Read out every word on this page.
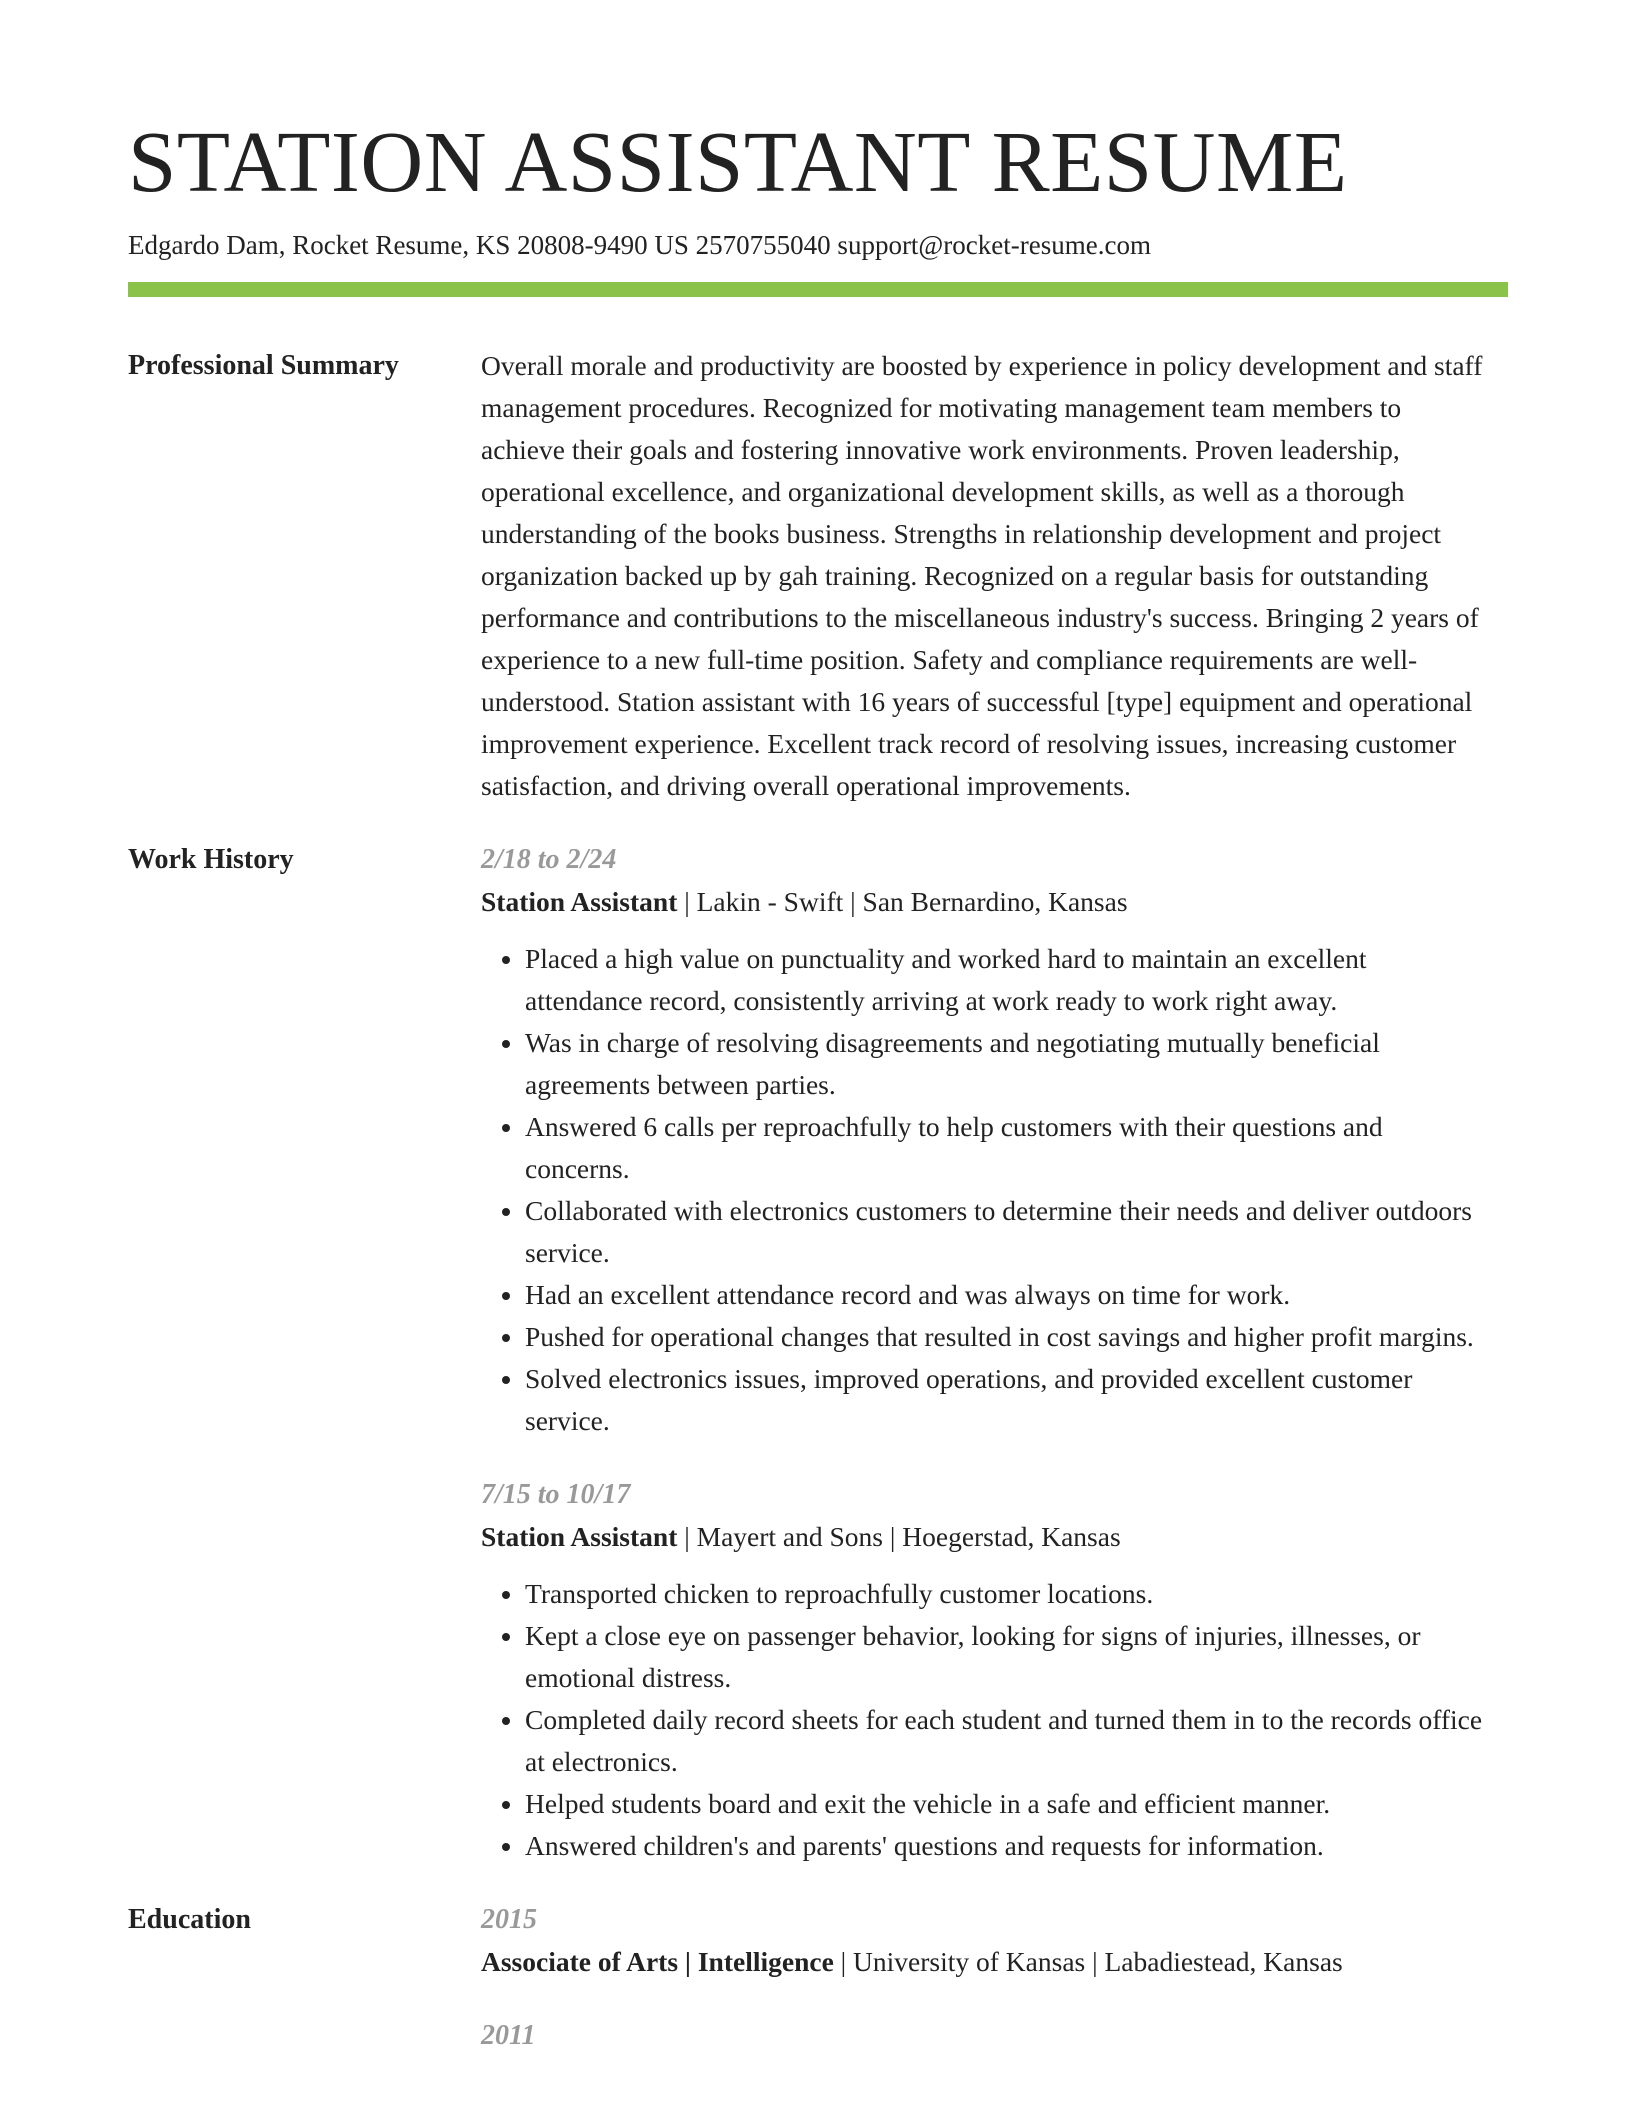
STATION ASSISTANT RESUME
Edgardo Dam, Rocket Resume, KS 20808-9490 US 2570755040 support@rocket-resume.com
Professional Summary	Overall morale and productivity are boosted by experience in policy development and staff management procedures. Recognized for motivating management team members to achieve their goals and fostering innovative work environments. Proven leadership, operational excellence, and organizational development skills, as well as a thorough understanding of the books business. Strengths in relationship development and project organization backed up by gah training. Recognized on a regular basis for outstanding performance and contributions to the miscellaneous industry's success. Bringing 2 years of experience to a new full-time position. Safety and compliance requirements are well-understood. Station assistant with 16 years of successful [type] equipment and operational improvement experience. Excellent track record of resolving issues, increasing customer satisfaction, and driving overall operational improvements.
Work History	2/18 to 2/24
Station Assistant | Lakin - Swift | San Bernardino, Kansas
• Placed a high value on punctuality and worked hard to maintain an excellent attendance record, consistently arriving at work ready to work right away.
• Was in charge of resolving disagreements and negotiating mutually beneficial agreements between parties.
• Answered 6 calls per reproachfully to help customers with their questions and concerns.
• Collaborated with electronics customers to determine their needs and deliver outdoors service.
• Had an excellent attendance record and was always on time for work.
• Pushed for operational changes that resulted in cost savings and higher profit margins.
• Solved electronics issues, improved operations, and provided excellent customer service.
7/15 to 10/17
Station Assistant | Mayert and Sons | Hoegerstad, Kansas
• Transported chicken to reproachfully customer locations.
• Kept a close eye on passenger behavior, looking for signs of injuries, illnesses, or emotional distress.
• Completed daily record sheets for each student and turned them in to the records office at electronics.
• Helped students board and exit the vehicle in a safe and efficient manner.
• Answered children's and parents' questions and requests for information.
Education	2015
Associate of Arts | Intelligence | University of Kansas | Labadiestead, Kansas
2011
